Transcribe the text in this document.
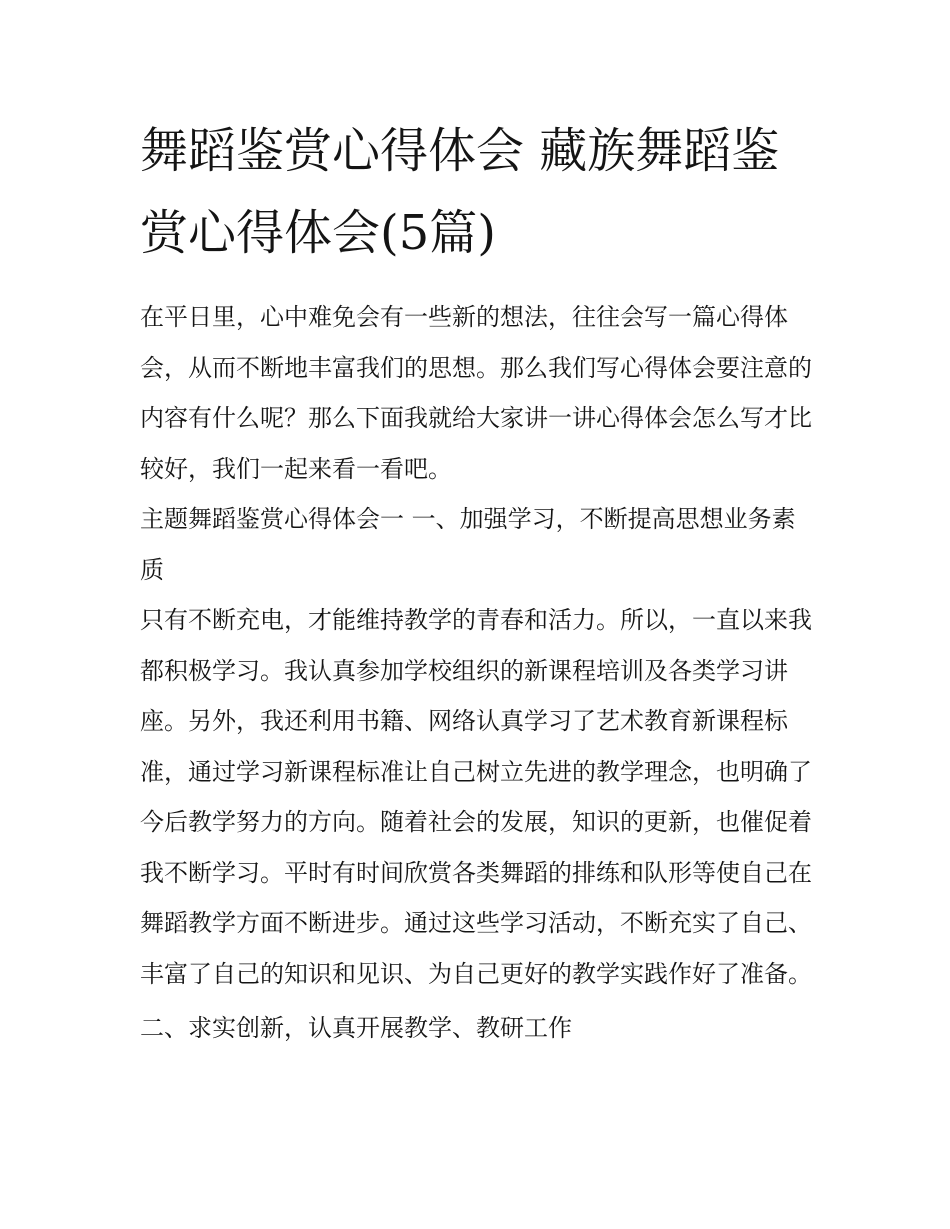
舞蹈鉴赏心得体会 藏族舞蹈鉴赏心得体会(5篇)

在平日里，心中难免会有一些新的想法，往往会写一篇心得体会，从而不断地丰富我们的思想。那么我们写心得体会要注意的内容有什么呢？那么下面我就给大家讲一讲心得体会怎么写才比较好，我们一起来看一看吧。

主题舞蹈鉴赏心得体会一 一、加强学习，不断提高思想业务素质

只有不断充电，才能维持教学的青春和活力。所以，一直以来我都积极学习。我认真参加学校组织的新课程培训及各类学习讲座。另外，我还利用书籍、网络认真学习了艺术教育新课程标准，通过学习新课程标准让自己树立先进的教学理念，也明确了今后教学努力的方向。随着社会的发展，知识的更新，也催促着我不断学习。平时有时间欣赏各类舞蹈的排练和队形等使自己在舞蹈教学方面不断进步。通过这些学习活动，不断充实了自己、丰富了自己的知识和见识、为自己更好的教学实践作好了准备。

二、求实创新，认真开展教学、教研工作
